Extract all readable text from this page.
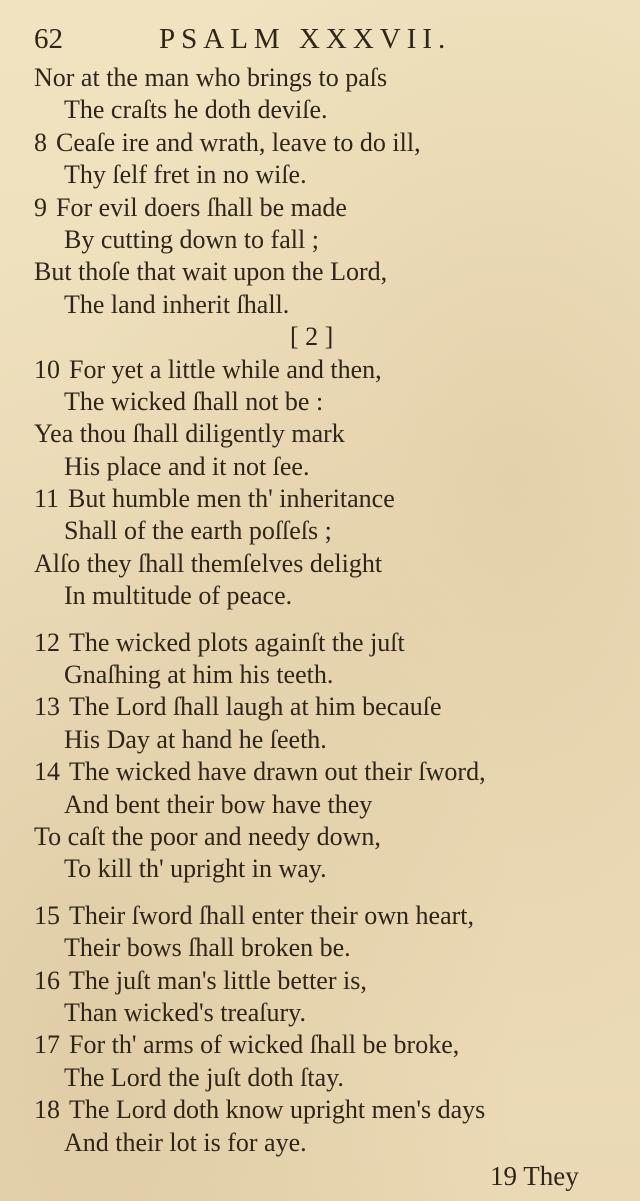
62	PSALM XXXVII.
Nor at the man who brings to paſs
The craſts he doth deviſe.
8 Ceaſe ire and wrath, leave to do ill,
Thy ſelf fret in no wiſe.
9 For evil doers ſhall be made
By cutting down to fall ;
But thoſe that wait upon the Lord,
The land inherit ſhall.
[ 2 ]
10 For yet a little while and then,
The wicked ſhall not be :
Yea thou ſhall diligently mark
His place and it not ſee.
11 But humble men th' inheritance
Shall of the earth poſſeſs ;
Alſo they ſhall themſelves delight
In multitude of peace.
12 The wicked plots againſt the juſt
Gnaſhing at him his teeth.
13 The Lord ſhall laugh at him becauſe
His Day at hand he ſeeth.
14 The wicked have drawn out their ſword,
And bent their bow have they
To caſt the poor and needy down,
To kill th' upright in way.
15 Their ſword ſhall enter their own heart,
Their bows ſhall broken be.
16 The juſt man's little better is,
Than wicked's treaſury.
17 For th' arms of wicked ſhall be broke,
The Lord the juſt doth ſtay.
18 The Lord doth know upright men's days
And their lot is for aye.
19 They
